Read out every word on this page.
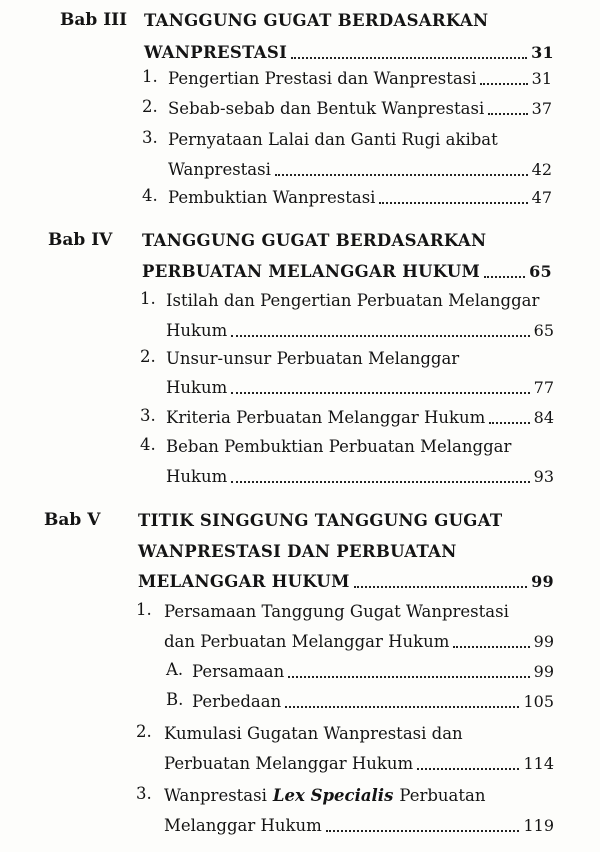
Bab III TANGGUNG GUGAT BERDASARKAN
WANPRESTASI	31
1. Pengertian Prestasi dan Wanprestasi	31
2. Sebab-sebab dan Bentuk Wanprestasi	37
3. Pernyataan Lalai dan Ganti Rugi akibat
Wanprestasi	42
4. Pembuktian Wanprestasi	47
Bab IV TANGGUNG GUGAT BERDASARKAN
PERBUATAN MELANGGAR HUKUM	65
1. Istilah dan Pengertian Perbuatan Melanggar
Hukum	65
2. Unsur-unsur Perbuatan Melanggar
Hukum	77
3. Kriteria Perbuatan Melanggar Hukum	84
4. Beban Pembuktian Perbuatan Melanggar
Hukum	93
Bab V TITIK SINGGUNG TANGGUNG GUGAT
WANPRESTASI DAN PERBUATAN
MELANGGAR HUKUM	99
1. Persamaan Tanggung Gugat Wanprestasi
dan Perbuatan Melanggar Hukum	99
A. Persamaan	99
B. Perbedaan	105
2. Kumulasi Gugatan Wanprestasi dan
Perbuatan Melanggar Hukum	114
3. Wanprestasi Lex Specialis Perbuatan
Melanggar Hukum	119
